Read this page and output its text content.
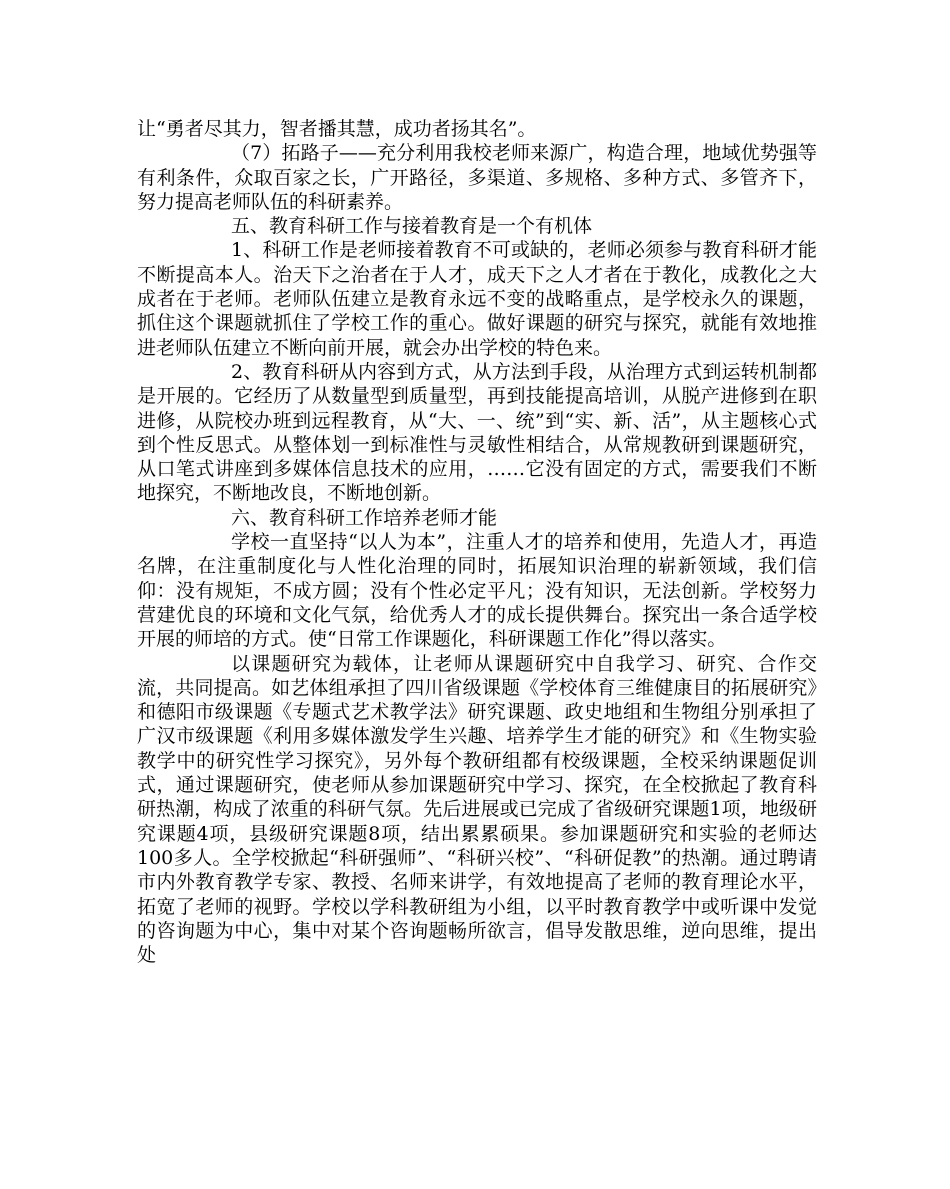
让“勇者尽其力，智者播其慧，成功者扬其名”。

（7）拓路子——充分利用我校老师来源广，构造合理，地域优势强等有利条件，众取百家之长，广开路径，多渠道、多规格、多种方式、多管齐下，努力提高老师队伍的科研素养。

五、教育科研工作与接着教育是一个有机体

1、科研工作是老师接着教育不可或缺的，老师必须参与教育科研才能不断提高本人。治天下之治者在于人才，成天下之人才者在于教化，成教化之大成者在于老师。老师队伍建立是教育永远不变的战略重点，是学校永久的课题，抓住这个课题就抓住了学校工作的重心。做好课题的研究与探究，就能有效地推进老师队伍建立不断向前开展，就会办出学校的特色来。

2、教育科研从内容到方式，从方法到手段，从治理方式到运转机制都是开展的。它经历了从数量型到质量型，再到技能提高培训，从脱产进修到在职进修，从院校办班到远程教育，从“大、一、统”到“实、新、活”，从主题核心式到个性反思式。从整体划一到标准性与灵敏性相结合，从常规教研到课题研究，从口笔式讲座到多媒体信息技术的应用，……它没有固定的方式，需要我们不断地探究，不断地改良，不断地创新。

六、教育科研工作培养老师才能

学校一直坚持“以人为本”，注重人才的培养和使用，先造人才，再造名牌，在注重制度化与人性化治理的同时，拓展知识治理的崭新领域，我们信仰：没有规矩，不成方圆；没有个性必定平凡；没有知识，无法创新。学校努力营建优良的环境和文化气氛，给优秀人才的成长提供舞台。探究出一条合适学校开展的师培的方式。使“日常工作课题化，科研课题工作化”得以落实。

以课题研究为载体，让老师从课题研究中自我学习、研究、合作交流，共同提高。如艺体组承担了四川省级课题《学校体育三维健康目的拓展研究》和德阳市级课题《专题式艺术教学法》研究课题、政史地组和生物组分别承担了广汉市级课题《利用多媒体激发学生兴趣、培养学生才能的研究》和《生物实验教学中的研究性学习探究》，另外每个教研组都有校级课题，全校采纳课题促训式，通过课题研究，使老师从参加课题研究中学习、探究，在全校掀起了教育科研热潮，构成了浓重的科研气氛。先后进展或已完成了省级研究课题1项，地级研究课题4项，县级研究课题8项，结出累累硕果。参加课题研究和实验的老师达100多人。全学校掀起“科研强师”、“科研兴校”、“科研促教”的热潮。通过聘请市内外教育教学专家、教授、名师来讲学，有效地提高了老师的教育理论水平，拓宽了老师的视野。学校以学科教研组为小组，以平时教育教学中或听课中发觉的咨询题为中心，集中对某个咨询题畅所欲言，倡导发散思维，逆向思维，提出处
